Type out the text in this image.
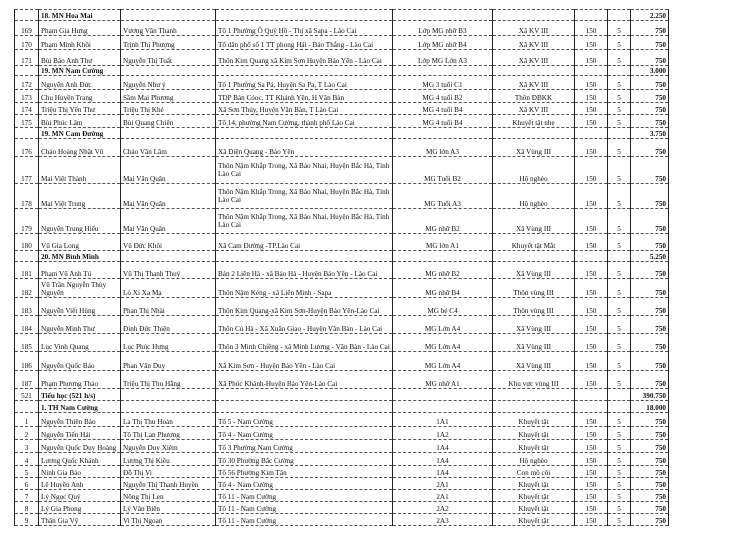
	18. MN Hoa Mai							2.250
169	Phạm Gia Hưng	Vương Văn Thanh	Tổ 1 Phường Ô Quý Hồ - Thị xã Sapa - Lào Cai	Lớp MG nhỡ B3	Xã KV III	150	5	750
170	Phạm Minh Khôi	Trịnh Thị Phượng	Tổ dân phố số 1 TT phong Hải - Bảo Thắng - Lào Cai	Lớp MG nhỡ B4	Xã KV III	150	5	750
171	Bùi Bảo Anh Thư	Nguyễn Thị Tuất	Thôn Kim Quang xã Kim Sơn Huyện Bảo Yên - Lào Cai	Lớp MG Lớn A3	Xã KV III	150	5	750
	19. MN Nam Cường							3.000
172	Nguyễn Anh Đức	Nguyễn Như ý	Tổ 1 Phường Sa Pả, Huyện Sa Pa, T Lào Cai	MG 3 tuổi C1	Xã KV III	150	5	750
173	Chu Huyền Trang	Sầm Mai Phương	TDP Bản Cóoc, TT Khánh Yên, H Văn Bàn	MG 4 tuổi B2	Thôn ĐBKK	150	5	750
174	Triệu Thị Yến Thư	Triệu Thị Khé	Xã Sơn Thủy, Huyện Văn Bàn, T Lào Cai	MG 4 tuổi B4	Xã KV III	150	5	750
175	Bùi Phúc Lâm	Bùi Quang Chiến	Tổ 14, phường Nam Cường, thành phố Lào Cai	MG 4 tuổi B4	Khuyết tật nhẹ	150	5	750
	19. MN Cam Đường							3.750
176	Chảo Hoàng Nhật Vũ	Chảo Văn Lâm	Xã Điện Quang - Bảo Yên	MG lớn A3	Xã Vùng III	150	5	750
177	Mai Việt Thành	Mai Văn Quân	Thôn Nậm Khắp Trong, Xã Bảo Nhai, Huyện Bắc Hà, Tỉnh Lào Cai	MG Tuổi B2	Hộ nghèo	150	5	750
178	Mai Việt Trung	Mai Văn Quân	Thôn Nậm Khắp Trong, Xã Bảo Nhai, Huyện Bắc Hà, Tỉnh Lào Cai	MG Tuổi A3	Hộ nghèo	150	5	750
179	Nguyễn Trung Hiếu	Mai Văn Quân	Thôn Nậm Khắp Trong, Xã Bảo Nhai, Huyện Bắc Hà, Tỉnh Lào Cai	MG nhỡ B2	Xã Vùng III	150	5	750
180	Vũ Gia Long	Vũ Đức Khôi	Xã Cam Đường -TP.Lào Cai	MG lớn A1	Khuyết tật Mắt	150	5	750
	20. MN Bình Minh							5.250
181	Phạm Vũ Anh Tú	Vũ Thị Thanh Thuý	Bản 2 Liên Hà - xã Bảo Hà - Huyện Bảo Yên - Lào Cai	MG nhỡ B2	Xã Vùng III	150	5	750
182	Vũ Trần Nguyễn Thùy Nguyên	Lò Xi Xa Mạ	Thôn Nậm Kéng - xã Liên Minh - Sapa	MG nhỡ B4	Thôn vùng III	150	5	750
183	Nguyễn Viết Hùng	Phan Thị Nhài	Thôn Kim Quang-xã Kim Sơn-Huyện Bảo Yên-Lào Cai	MG bé C4	Thôn vùng III	150	5	750
184	Nguyễn Minh Thư	Đinh Đức Thiện	Thôn Củ Hà - Xã Xuân Giao - Huyện Văn Bàn - Lào Cai	MG Lớn A4	Xã Vùng III	150	5	750
185	Lục Vinh Quang	Lục Phúc Hưng	Thôn 3 Minh Chiềng - xã Minh Lương - Văn Bàn - Lào Cai	MG Lớn A4	Xã Vùng III	150	5	750
186	Nguyễn Quốc Bảo	Phan Văn Duy	Xã Kim Sơn - Huyện Bảo Yên - Lào Cai	MG Lớn A4	Xã Vùng III	150	5	750
187	Phạm Phương Thảo	Triệu Thị Thu Hằng	Xã Phúc Khánh-Huyện Bảo Yên-Lào Cai	MG nhỡ A1	Khu vực vùng III	150	5	750
521	Tiểu học (521 h/s)							390.750
	1. TH Nam Cường							18.000
1	Nguyễn Thiên Bảo	La Thị Thu Hoàn	Tổ 5 - Nam Cường	1A1	Khuyết tật	150	5	750
2	Nguyễn Tiến Hải	Tô Thị Lan Phương	Tổ 4 - Nam Cường	1A2	Khuyết tật	150	5	750
3	Nguyễn Quốc Duy Hoàng	Nguyễn Duy Xiêm	Tổ 3 Phường Nam Cường	1A4	Khuyết tật	150	5	750
4	Lương Quốc Khánh	Lương Thị Kiều	Tổ 30 Phường Bắc Cường	1A4	Hộ nghèo	150	5	750
5	Ninh Gia Bảo	Đỗ Thị Vi	Tổ 56 Phường Kim Tân	1A4	Con mồ côi	150	5	750
6	Lê Huyền Anh	Nguyễn Thị Thanh Huyền	Tổ 4 - Nam Cường	2A1	Khuyết tật	150	5	750
7	Lý Ngọc Quý	Nông Thị Len	Tổ 11 - Nam Cường	2A1	Khuyết tật	150	5	750
8	Lý Gia Phong	Lý Văn Biên	Tổ 11 - Nam Cường	2A2	Khuyết tật	150	5	750
9	Thân Gia Vỹ	Vi Thị Ngoan	Tổ 11 - Nam Cường	2A3	Khuyết tật	150	5	750
